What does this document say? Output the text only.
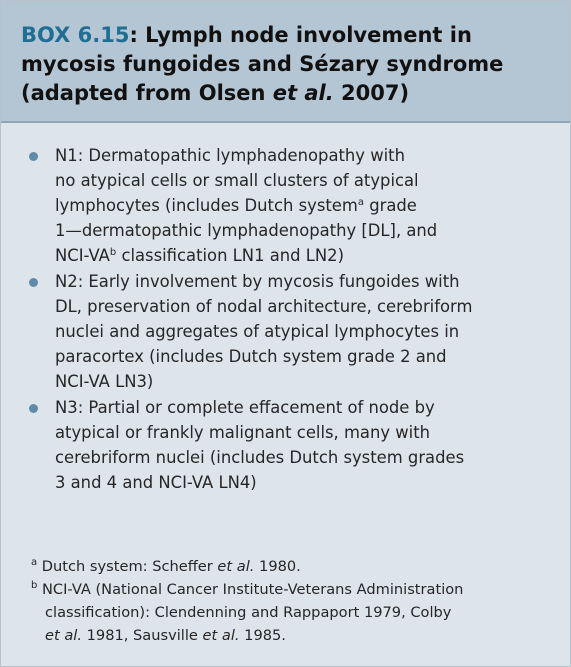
BOX 6.15: Lymph node involvement in
mycosis fungoides and Sézary syndrome
(adapted from Olsen et al. 2007)
N1: Dermatopathic lymphadenopathy with
no atypical cells or small clusters of atypical
lymphocytes (includes Dutch system$^a$ grade
1—dermatopathic lymphadenopathy [DL], and
NCI-$VA^b$ classification LN1 and LN2)
N2: Early involvement by mycosis fungoides with
DL, preservation of nodal architecture, cerebriform
nuclei and aggregates of atypical lymphocytes in
paracortex (includes Dutch system grade 2 and
NCI-VA LN3)
N3: Partial or complete effacement of node by
atypical or frankly malignant cells, many with
cerebriform nuclei (includes Dutch system grades
3 and 4 and NCI-VA LN4)

$^a$ Dutch system: Scheffer et al. 1980.

$^b$ NCI-VA (National Cancer Institute-Veterans Administration
classification): Clendenning and Rappaport 1979, Colby
et al. 1981, Sausville et al. 1985.
